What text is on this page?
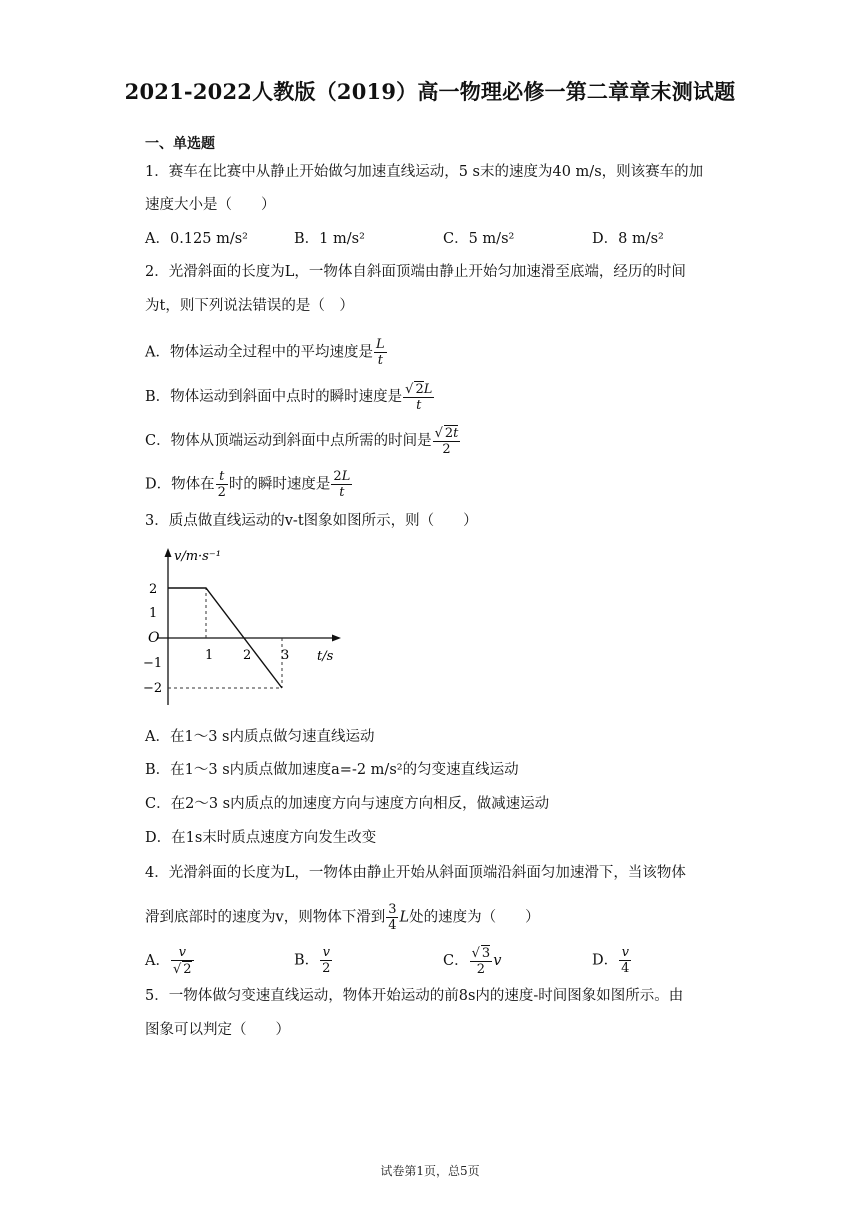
2021-2022人教版（2019）高一物理必修一第二章章末测试题
一、单选题
1．赛车在比赛中从静止开始做匀加速直线运动，5 s末的速度为40 m/s，则该赛车的加
速度大小是（　　）
A．0.125 m/s²	B．1 m/s²	C．5 m/s²	D．8 m/s²
2．光滑斜面的长度为L，一物体自斜面顶端由静止开始匀加速滑至底端，经历的时间
为t，则下列说法错误的是（　）
A．物体运动全过程中的平均速度是 $\frac{L}{t}$
B．物体运动到斜面中点时的瞬时速度是 $\frac{√ 2L}{t}$
C．物体从顶端运动到斜面中点所需的时间是 $\frac{√ 2t}{2}$
D．物体在 $\frac{t}{2}$ 时的瞬时速度是 $\frac{2L}{t}$
3．质点做直线运动的v-t图象如图所示，则（　　）
v/m·s⁻¹
t/s
O
1 2 3
2
1
−1
−2
A．在1～3 s内质点做匀速直线运动
B．在1～3 s内质点做加速度a=-2 m/s²的匀变速直线运动
C．在2～3 s内质点的加速度方向与速度方向相反，做减速运动
D．在1s末时质点速度方向发生改变
4．光滑斜面的长度为L，一物体由静止开始从斜面顶端沿斜面匀加速滑下，当该物体
滑到底部时的速度为v，则物体下滑到 $\frac{3}{4}$ L处的速度为（　　）
A． $\frac{v}{√ 2}$	B． $\frac{v}{2}$	C． $\frac{√ 3}{2}$ v	D． $\frac{v}{4}$
5．一物体做匀变速直线运动，物体开始运动的前8s内的速度-时间图象如图所示。由
图象可以判定（　　）
试卷第1页，总5页
